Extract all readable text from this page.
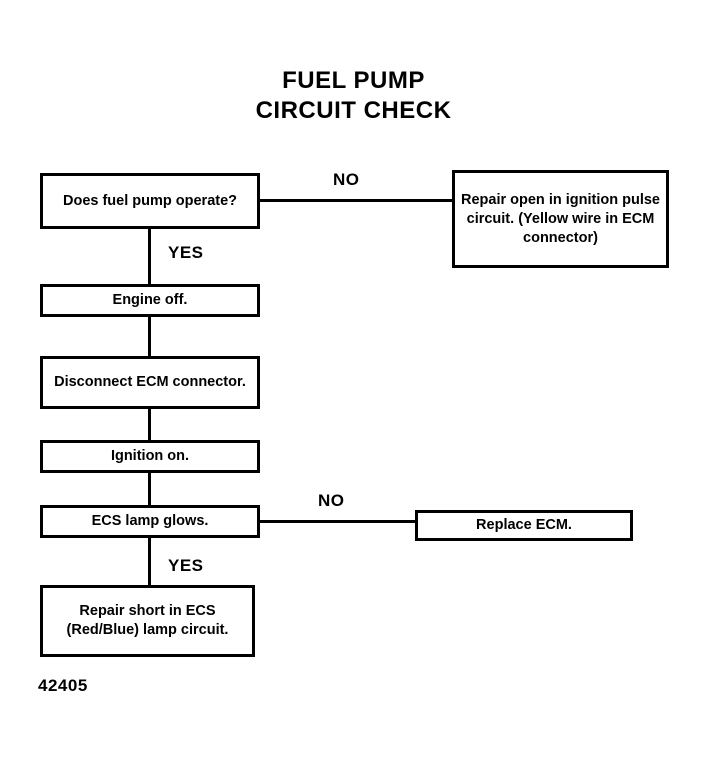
FUEL PUMP
CIRCUIT CHECK
Does fuel pump operate?	Repair open in ignition pulse circuit. (Yellow wire in ECM connector)
NO
YES
Engine off.
Disconnect ECM connector.
Ignition on.
ECS lamp glows.
NO
Replace ECM.
YES
Repair short in ECS (Red/Blue) lamp circuit.
42405
